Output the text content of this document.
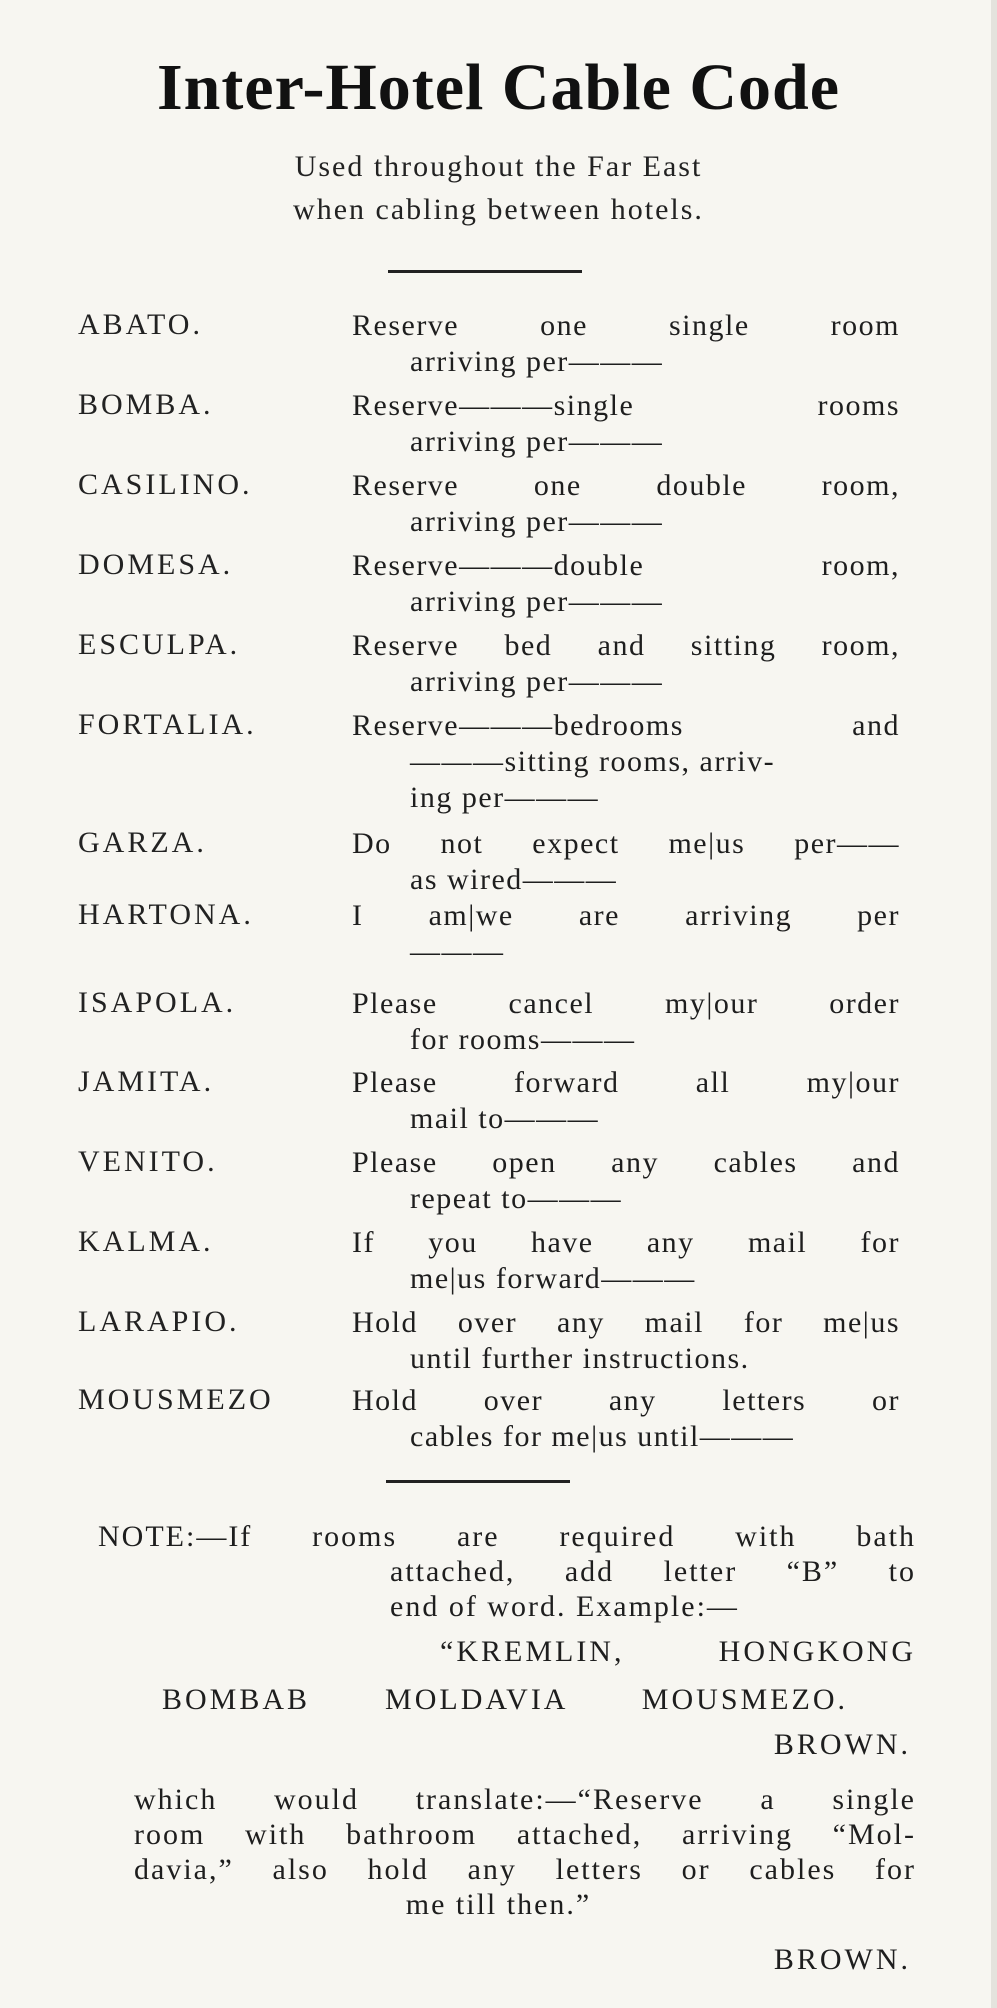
Inter-Hotel Cable Code
Used throughout the Far East
when cabling between hotels.
ABATO.	Reserve one single room
arriving per———
BOMBA.	Reserve———single rooms
arriving per———
CASILINO.	Reserve one double room,
arriving per———
DOMESA.	Reserve———double room,
arriving per———
ESCULPA.	Reserve bed and sitting room,
arriving per———
FORTALIA.	Reserve———bedrooms and
———sitting rooms, arriv-
ing per———
GARZA.	Do not expect me|us per——
as wired———
HARTONA.	I am|we are arriving per
———
ISAPOLA.	Please cancel my|our order
for rooms———
JAMITA.	Please forward all my|our
mail to———
VENITO.	Please open any cables and
repeat to———
KALMA.	If you have any mail for
me|us forward———
LARAPIO.	Hold over any mail for me|us
until further instructions.
MOUSMEZO	Hold over any letters or
cables for me|us until———
NOTE:—If rooms are required with bath
attached, add letter “B” to
end of word. Example:—
“KREMLIN, HONGKONG
BOMBAB MOLDAVIA MOUSMEZO.
BROWN.
which would translate:—“Reserve a single
room with bathroom attached, arriving “Mol-
davia,” also hold any letters or cables for
me till then.”
BROWN.
